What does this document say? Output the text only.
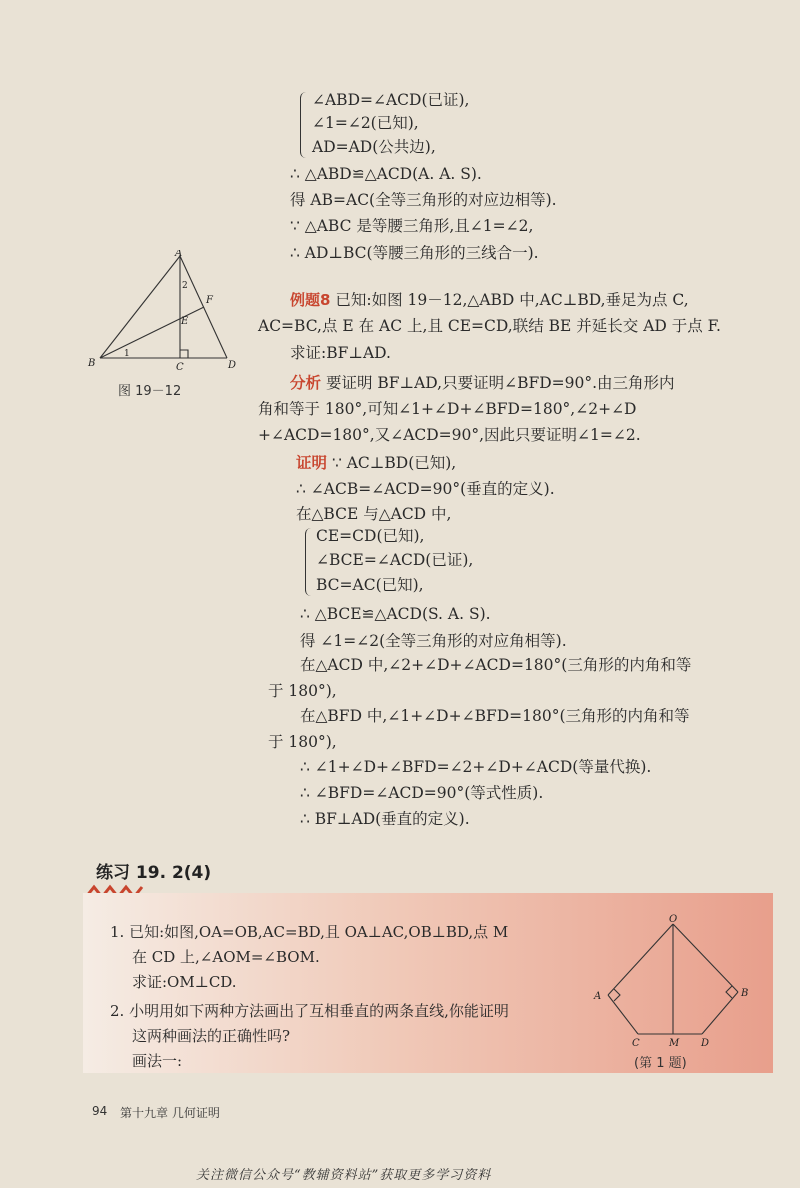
∠ABD=∠ACD(已证),
∠1=∠2(已知),
AD=AD(公共边),
∴ △ABD≌△ACD(A. A. S).
得 AB=AC(全等三角形的对应边相等).
∵ △ABC 是等腰三角形,且∠1=∠2,
∴ AD⊥BC(等腰三角形的三线合一).
A
B	C	D
E
F
1
2
图 19－12
例题8 已知:如图 19－12,△ABD 中,AC⊥BD,垂足为点 C,
AC=BC,点 E 在 AC 上,且 CE=CD,联结 BE 并延长交 AD 于点 F.
求证:BF⊥AD.
分析 要证明 BF⊥AD,只要证明∠BFD=90°.由三角形内
角和等于 180°,可知∠1+∠D+∠BFD=180°,∠2+∠D
+∠ACD=180°,又∠ACD=90°,因此只要证明∠1=∠2.
证明 ∵ AC⊥BD(已知),
∴ ∠ACB=∠ACD=90°(垂直的定义).
在△BCE 与△ACD 中,
CE=CD(已知),
∠BCE=∠ACD(已证),
BC=AC(已知),
∴ △BCE≌△ACD(S. A. S).
得 ∠1=∠2(全等三角形的对应角相等).
在△ACD 中,∠2+∠D+∠ACD=180°(三角形的内角和等
于 180°),
在△BFD 中,∠1+∠D+∠BFD=180°(三角形的内角和等
于 180°),
∴ ∠1+∠D+∠BFD=∠2+∠D+∠ACD(等量代换).
∴ ∠BFD=∠ACD=90°(等式性质).
∴ BF⊥AD(垂直的定义).
练习 19. 2(4)
1. 已知:如图,OA=OB,AC=BD,且 OA⊥AC,OB⊥BD,点 M
在 CD 上,∠AOM=∠BOM.
求证:OM⊥CD.
2. 小明用如下两种方法画出了互相垂直的两条直线,你能证明
这两种画法的正确性吗?
画法一:
O
A	B
C	M D
(第 1 题)
94 第十九章 几何证明
关注微信公众号“教辅资料站”获取更多学习资料
